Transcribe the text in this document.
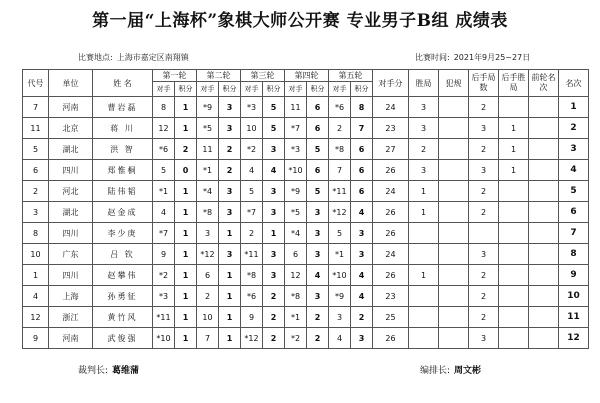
第一届“上海杯”象棋大师公开赛 专业男子B组 成绩表
比赛地点: 上海市嘉定区南翔镇	比赛时间: 2021年9月25~27日
代号	单位	姓 名	第一轮		第二轮		第三轮		第四轮		第五轮		对手分	胜局	犯规	后手局数	后手胜局	前轮名次	名次
			对手	积分	对手	积分	对手	积分	对手	积分	对手	积分							
7	河南	曹岩磊	8	1	*9	3	*3	5	11	6	*6	8	24	3		2			1
11	北京	蒋 川	12	1	*5	3	10	5	*7	6	2	7	23	3		3	1		2
5	湖北	洪 智	*6	2	11	2	*2	3	*3	5	*8	6	27	2		2	1		3
6	四川	郑惟桐	5	0	*1	2	4	4	*10	6	7	6	26	3		3	1		4
2	河北	陆伟韬	*1	1	*4	3	5	3	*9	5	*11	6	24	1		2			5
3	湖北	赵金成	4	1	*8	3	*7	3	*5	3	*12	4	26	1		2			6
8	四川	李少庚	*7	1	3	1	2	1	*4	3	5	3	26						7
10	广东	吕 钦	9	1	*12	3	*11	3	6	3	*1	3	24			3			8
1	四川	赵攀伟	*2	1	6	1	*8	3	12	4	*10	4	26	1		2			9
4	上海	孙勇征	*3	1	2	1	*6	2	*8	3	*9	4	23			2			10
12	浙江	黄竹风	*11	1	10	1	9	2	*1	2	3	2	25			2			11
9	河南	武俊强	*10	1	7	1	*12	2	*2	2	4	3	26			3			12
裁判长: 葛维蒲	编排长: 周文彬
